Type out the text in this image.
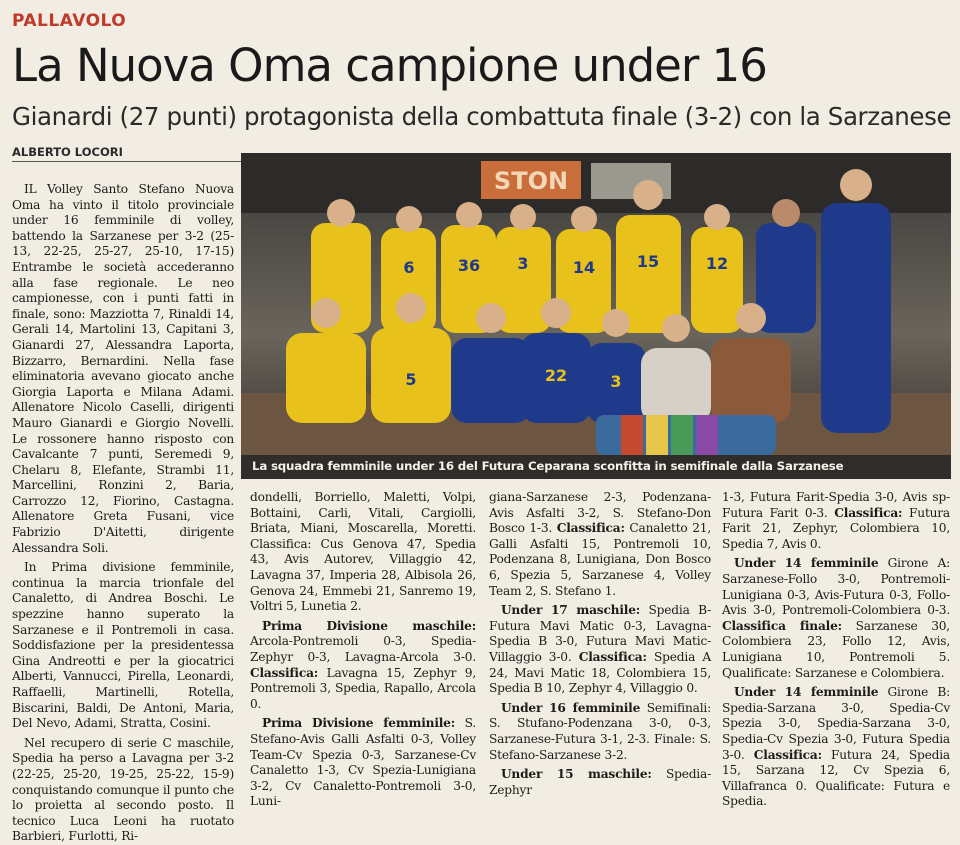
PALLAVOLO
La Nuova Oma campione under 16
Gianardi (27 punti) protagonista della combattuta finale (3-2) con la Sarzanese
ALBERTO LOCORI

IL Volley Santo Stefano Nuova Oma ha vinto il titolo provinciale under 16 femminile di volley, battendo la Sarzanese per 3-2 (25-13, 22-25, 25-27, 25-10, 17-15) Entrambe le società accederanno alla fase regionale. Le neo campionesse, con i punti fatti in finale, sono: Mazziotta 7, Rinaldi 14, Gerali 14, Martolini 13, Capitani 3, Gianardi 27, Alessandra Laporta, Bizzarro, Bernardini. Nella fase eliminatoria avevano giocato anche Giorgia Laporta e Milana Adami. Allenatore Nicolo Caselli, dirigenti Mauro Gianardi e Giorgio Novelli. Le rossonere hanno risposto con Cavalcante 7 punti, Seremedi 9, Chelaru 8, Elefante, Strambi 11, Marcellini, Ronzini 2, Baria, Carrozzo 12, Fiorino, Castagna. Allenatore Greta Fusani, vice Fabrizio D'Aitetti, dirigente Alessandra Soli.

In Prima divisione femminile, continua la marcia trionfale del Canaletto, di Andrea Boschi. Le spezzine hanno superato la Sarzanese e il Pontremoli in casa. Soddisfazione per la presidentessa Gina Andreotti e per la giocatrici Alberti, Vannucci, Pirella, Leonardi, Raffaelli, Martinelli, Rotella, Biscarini, Baldi, De Antoni, Maria, Del Nevo, Adami, Stratta, Cosini.

Nel recupero di serie C maschile, Spedia ha perso a Lavagna per 3-2 (22-25, 25-20, 19-25, 25-22, 15-9) conquistando comunque il punto che lo proietta al secondo posto. Il tecnico Luca Leoni ha ruotato Barbieri, Furlotti, Ri-

STON
6	36 3	14	15	12
5	22	3
La squadra femminile under 16 del Futura Ceparana sconfitta in semifinale dalla Sarzanese

dondelli, Borriello, Maletti, Volpi, Bottaini, Carli, Vitali, Cargiolli, Briata, Miani, Moscarella, Moretti. Classifica: Cus Genova 47, Spedia 43, Avis Autorev, Villaggio 42, Lavagna 37, Imperia 28, Albisola 26, Genova 24, Emmebi 21, Sanremo 19, Voltri 5, Lunetia 2.

Prima Divisione maschile: Arcola-Pontremoli 0-3, Spedia-Zephyr 0-3, Lavagna-Arcola 3-0. Classifica: Lavagna 15, Zephyr 9, Pontremoli 3, Spedia, Rapallo, Arcola 0.

Prima Divisione femminile: S. Stefano-Avis Galli Asfalti 0-3, Volley Team-Cv Spezia 0-3, Sarzanese-Cv Canaletto 1-3, Cv Spezia-Lunigiana 3-2, Cv Canaletto-Pontremoli 3-0, Luni-

giana-Sarzanese 2-3, Podenzana-Avis Asfalti 3-2, S. Stefano-Don Bosco 1-3. Classifica: Canaletto 21, Galli Asfalti 15, Pontremoli 10, Podenzana 8, Lunigiana, Don Bosco 6, Spezia 5, Sarzanese 4, Volley Team 2, S. Stefano 1.

Under 17 maschile: Spedia B-Futura Mavi Matic 0-3, Lavagna-Spedia B 3-0, Futura Mavi Matic-Villaggio 3-0. Classifica: Spedia A 24, Mavi Matic 18, Colombiera 15, Spedia B 10, Zephyr 4, Villaggio 0.

Under 16 femminile Semifinali: S. Stufano-Podenzana 3-0, 0-3, Sarzanese-Futura 3-1, 2-3. Finale: S. Stefano-Sarzanese 3-2.

Under 15 maschile: Spedia-Zephyr

1-3, Futura Farit-Spedia 3-0, Avis sp-Futura Farit 0-3. Classifica: Futura Farit 21, Zephyr, Colombiera 10, Spedia 7, Avis 0.

Under 14 femminile Girone A: Sarzanese-Follo 3-0, Pontremoli-Lunigiana 0-3, Avis-Futura 0-3, Follo-Avis 3-0, Pontremoli-Colombiera 0-3. Classifica finale: Sarzanese 30, Colombiera 23, Follo 12, Avis, Lunigiana 10, Pontremoli 5. Qualificate: Sarzanese e Colombiera.

Under 14 femminile Girone B: Spedia-Sarzana 3-0, Spedia-Cv Spezia 3-0, Spedia-Sarzana 3-0, Spedia-Cv Spezia 3-0, Futura Spedia 3-0. Classifica: Futura 24, Spedia 15, Sarzana 12, Cv Spezia 6, Villafranca 0. Qualificate: Futura e Spedia.
